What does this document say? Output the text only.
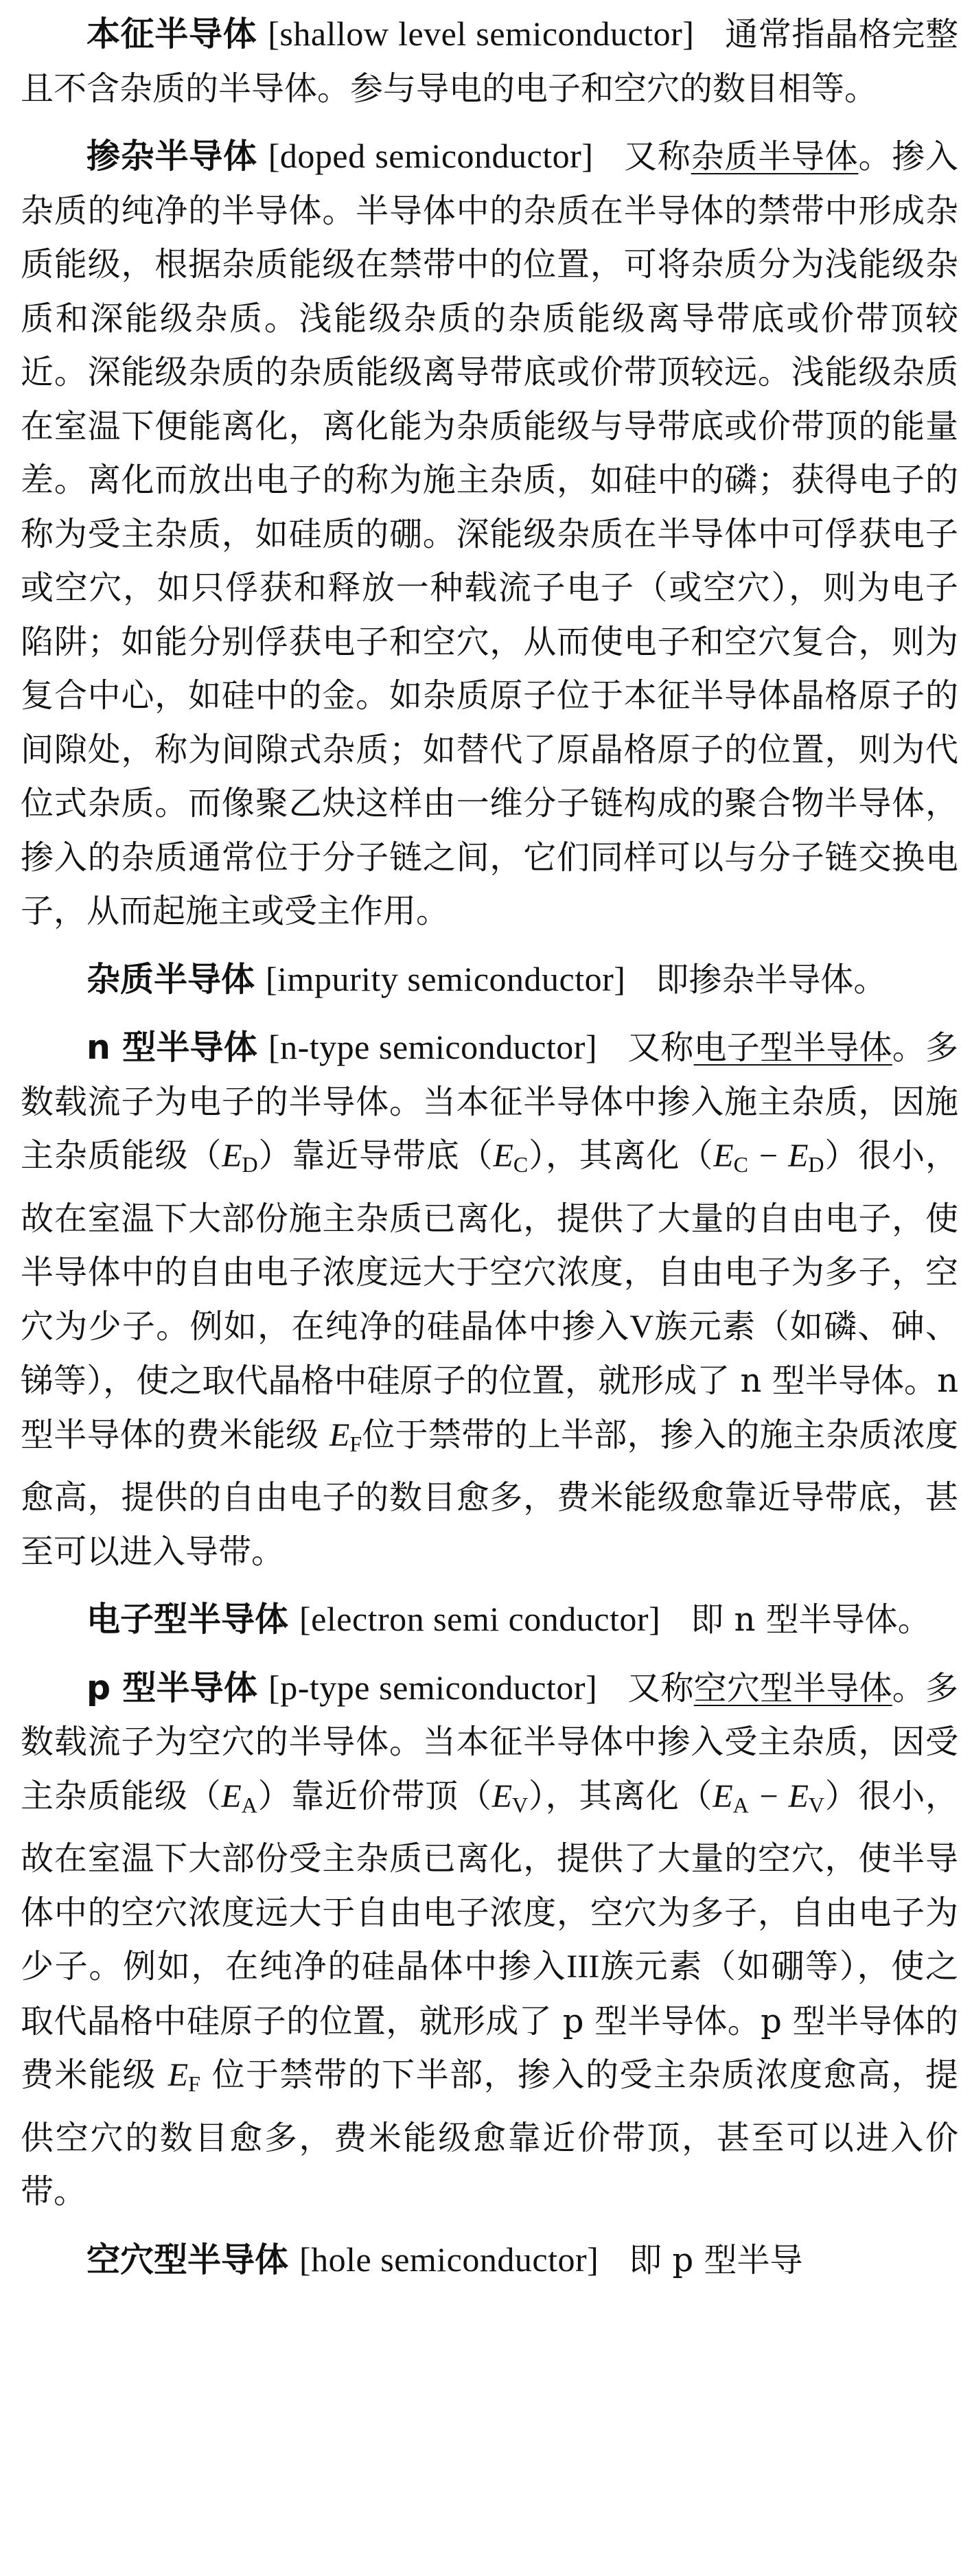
本征半导体 [shallow level semiconductor] 通常指晶格完整且不含杂质的半导体。参与导电的电子和空穴的数目相等。

掺杂半导体 [doped semiconductor] 又称杂质半导体。掺入杂质的纯净的半导体。半导体中的杂质在半导体的禁带中形成杂质能级，根据杂质能级在禁带中的位置，可将杂质分为浅能级杂质和深能级杂质。浅能级杂质的杂质能级离导带底或价带顶较近。深能级杂质的杂质能级离导带底或价带顶较远。浅能级杂质在室温下便能离化，离化能为杂质能级与导带底或价带顶的能量差。离化而放出电子的称为施主杂质，如硅中的磷；获得电子的称为受主杂质，如硅质的硼。深能级杂质在半导体中可俘获电子或空穴，如只俘获和释放一种载流子电子（或空穴），则为电子陷阱；如能分别俘获电子和空穴，从而使电子和空穴复合，则为复合中心，如硅中的金。如杂质原子位于本征半导体晶格原子的间隙处，称为间隙式杂质；如替代了原晶格原子的位置，则为代位式杂质。而像聚乙炔这样由一维分子链构成的聚合物半导体，掺入的杂质通常位于分子链之间，它们同样可以与分子链交换电子，从而起施主或受主作用。

杂质半导体 [impurity semiconductor] 即掺杂半导体。

n 型半导体 [n-type semiconductor] 又称电子型半导体。多数载流子为电子的半导体。当本征半导体中掺入施主杂质，因施主杂质能级$(E_D)$靠近导带底$(E_C)$，其离化$(E_C - E_D)$很小，故在室温下大部份施主杂质已离化，提供了大量的自由电子，使半导体中的自由电子浓度远大于空穴浓度，自由电子为多子，空穴为少子。例如，在纯净的硅晶体中掺入V族元素（如磷、砷、锑等），使之取代晶格中硅原子的位置，就形成了 n 型半导体。n 型半导体的费米能级 $E_F$位于禁带的上半部，掺入的施主杂质浓度愈高，提供的自由电子的数目愈多，费米能级愈靠近导带底，甚至可以进入导带。

电子型半导体 [electron semi conductor] 即 n 型半导体。

p 型半导体 [p-type semiconductor] 又称空穴型半导体。多数载流子为空穴的半导体。当本征半导体中掺入受主杂质，因受主杂质能级$(E_A)$靠近价带顶$(E_V)$，其离化$(E_A - E_V)$很小，故在室温下大部份受主杂质已离化，提供了大量的空穴，使半导体中的空穴浓度远大于自由电子浓度，空穴为多子，自由电子为少子。例如，在纯净的硅晶体中掺入III族元素（如硼等），使之取代晶格中硅原子的位置，就形成了 p 型半导体。p 型半导体的费米能级 $E_F$ 位于禁带的下半部，掺入的受主杂质浓度愈高，提供空穴的数目愈多，费米能级愈靠近价带顶，甚至可以进入价带。

空穴型半导体 [hole semiconductor] 即 p 型半导
